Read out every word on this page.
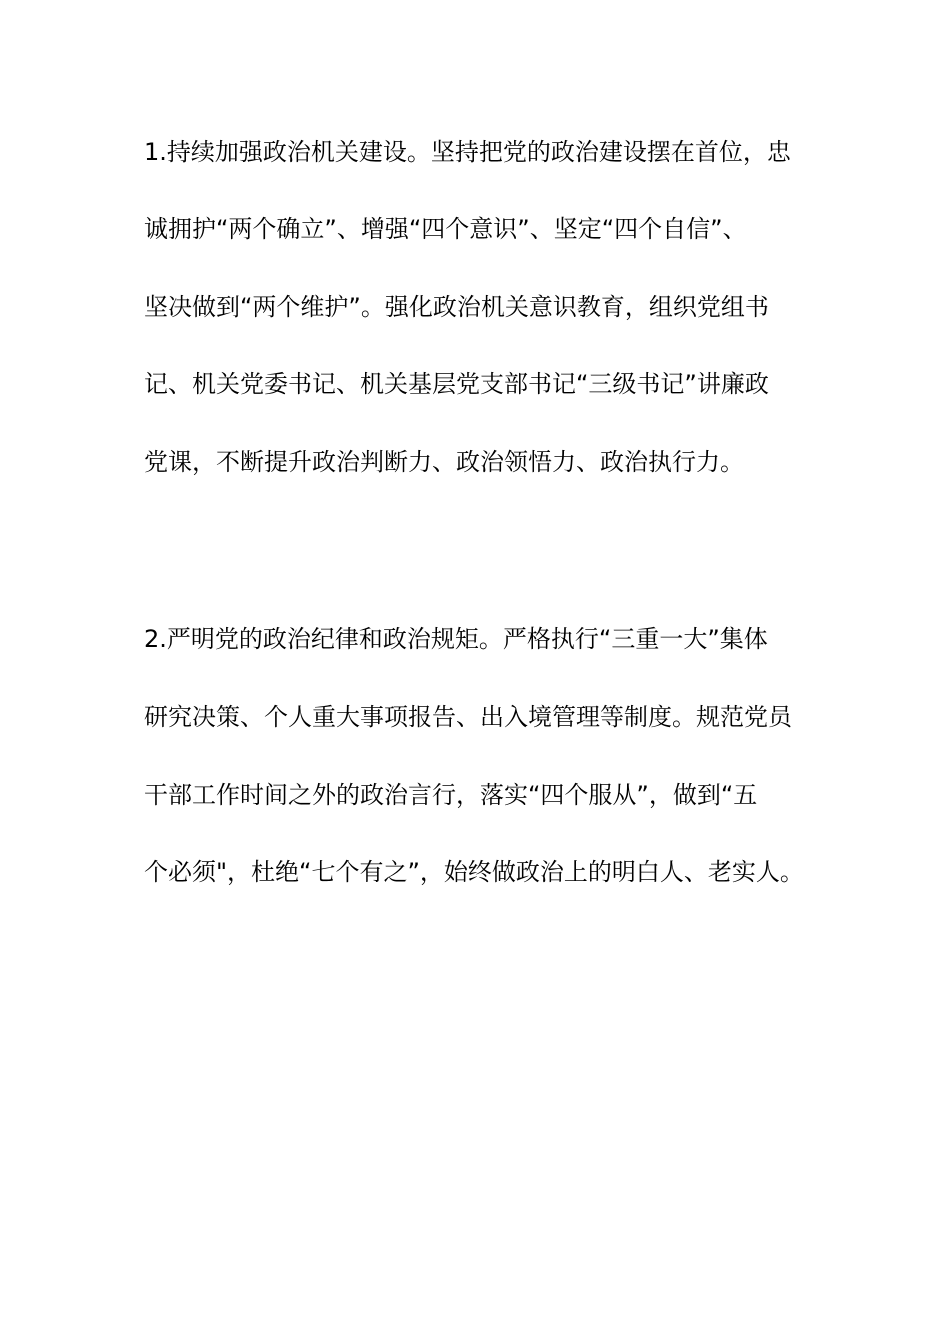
1.持续加强政治机关建设。坚持把党的政治建设摆在首位，忠
诚拥护“两个确立”、增强“四个意识”、坚定“四个自信”、
坚决做到“两个维护”。强化政治机关意识教育，组织党组书
记、机关党委书记、机关基层党支部书记“三级书记”讲廉政
党课，不断提升政治判断力、政治领悟力、政治执行力。
2.严明党的政治纪律和政治规矩。严格执行“三重一大”集体
研究决策、个人重大事项报告、出入境管理等制度。规范党员
干部工作时间之外的政治言行，落实“四个服从”，做到“五
个必须"，杜绝“七个有之”，始终做政治上的明白人、老实人。
